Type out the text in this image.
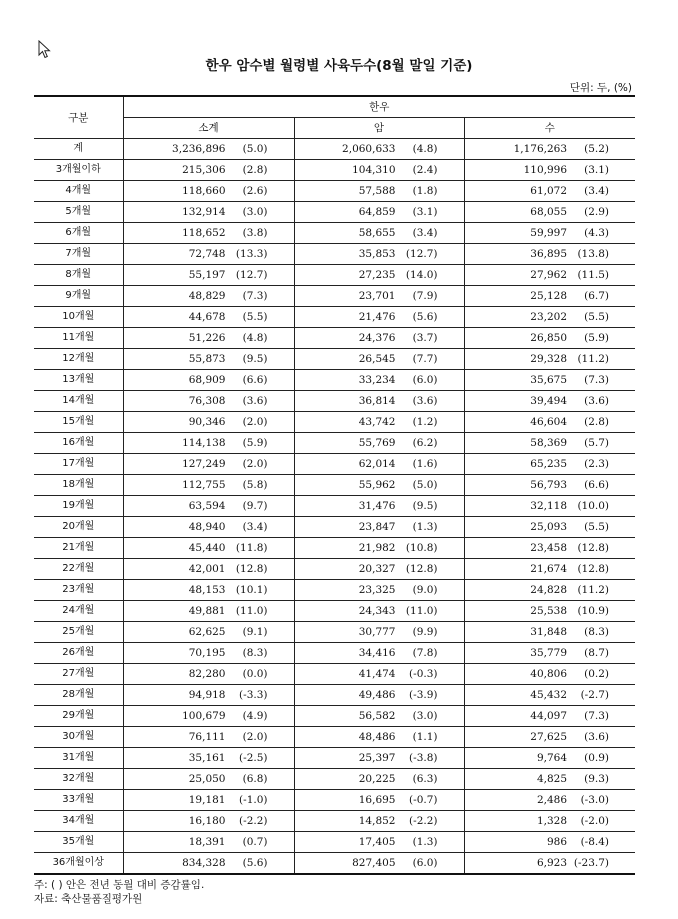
한우 암수별 월령별 사육두수(8월 말일 기준)
단위: 두, (%)
구분	한우		
	소계	암	수
계	3,236,896 (5.0)	2,060,633 (4.8)	1,176,263 (5.2)

3개월이하	215,306 (2.8)	104,310 (2.4)	110,996 (3.1)

4개월	118,660 (2.6)	57,588 (1.8)	61,072 (3.4)

5개월	132,914 (3.0)	64,859 (3.1)	68,055 (2.9)

6개월	118,652 (3.8)	58,655 (3.4)	59,997 (4.3)

7개월	72,748 (13.3)	35,853 (12.7)	36,895 (13.8)

8개월	55,197 (12.7)	27,235 (14.0)	27,962 (11.5)

9개월	48,829 (7.3)	23,701 (7.9)	25,128 (6.7)

10개월	44,678 (5.5)	21,476 (5.6)	23,202 (5.5)

11개월	51,226 (4.8)	24,376 (3.7)	26,850 (5.9)

12개월	55,873 (9.5)	26,545 (7.7)	29,328 (11.2)

13개월	68,909 (6.6)	33,234 (6.0)	35,675 (7.3)

14개월	76,308 (3.6)	36,814 (3.6)	39,494 (3.6)

15개월	90,346 (2.0)	43,742 (1.2)	46,604 (2.8)

16개월	114,138 (5.9)	55,769 (6.2)	58,369 (5.7)

17개월	127,249 (2.0)	62,014 (1.6)	65,235 (2.3)

18개월	112,755 (5.8)	55,962 (5.0)	56,793 (6.6)

19개월	63,594 (9.7)	31,476 (9.5)	32,118 (10.0)

20개월	48,940 (3.4)	23,847 (1.3)	25,093 (5.5)

21개월	45,440 (11.8)	21,982 (10.8)	23,458 (12.8)

22개월	42,001 (12.8)	20,327 (12.8)	21,674 (12.8)

23개월	48,153 (10.1)	23,325 (9.0)	24,828 (11.2)

24개월	49,881 (11.0)	24,343 (11.0)	25,538 (10.9)

25개월	62,625 (9.1)	30,777 (9.9)	31,848 (8.3)

26개월	70,195 (8.3)	34,416 (7.8)	35,779 (8.7)

27개월	82,280 (0.0)	41,474 (-0.3)	40,806 (0.2)

28개월	94,918 (-3.3)	49,486 (-3.9)	45,432 (-2.7)

29개월	100,679 (4.9)	56,582 (3.0)	44,097 (7.3)

30개월	76,111 (2.0)	48,486 (1.1)	27,625 (3.6)

31개월	35,161 (-2.5)	25,397 (-3.8)	9,764 (0.9)

32개월	25,050 (6.8)	20,225 (6.3)	4,825 (9.3)

33개월	19,181 (-1.0)	16,695 (-0.7)	2,486 (-3.0)

34개월	16,180 (-2.2)	14,852 (-2.2)	1,328 (-2.0)

35개월	18,391 (0.7)	17,405 (1.3)	986 (-8.4)

36개월이상	834,328 (5.6)	827,405 (6.0)	6,923 (-23.7)
주: ( ) 안은 전년 동월 대비 증감률임.
자료: 축산물품질평가원
